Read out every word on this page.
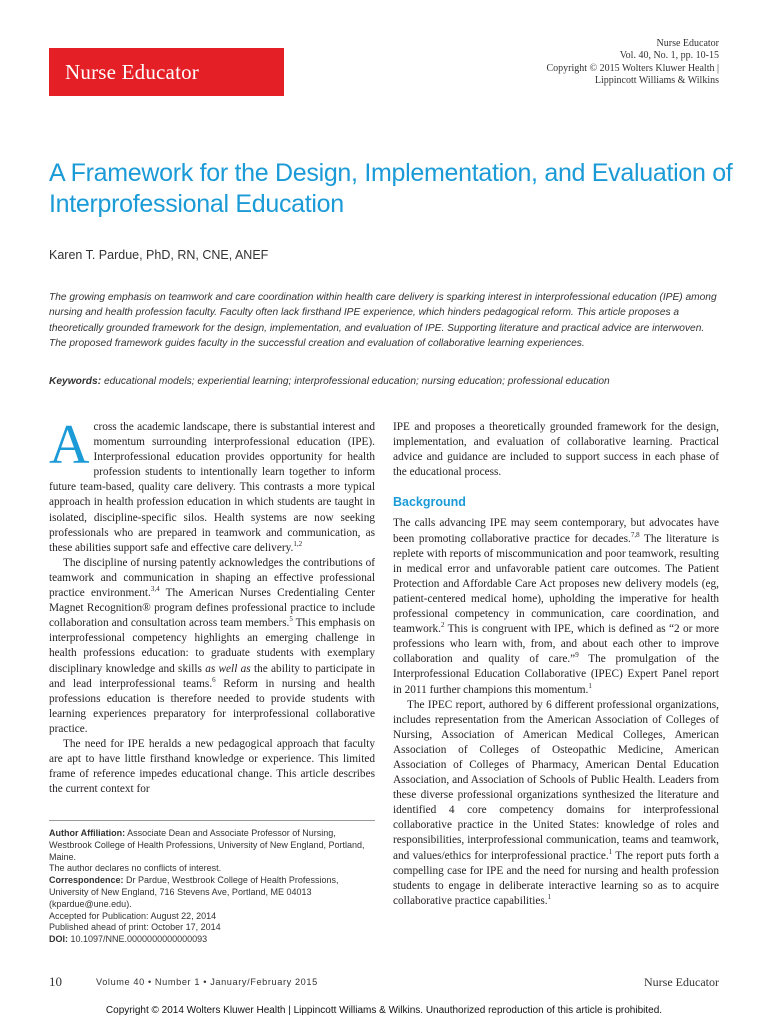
Nurse Educator
Nurse Educator
Vol. 40, No. 1, pp. 10-15
Copyright © 2015 Wolters Kluwer Health |
Lippincott Williams & Wilkins
A Framework for the Design, Implementation, and Evaluation of Interprofessional Education
Karen T. Pardue, PhD, RN, CNE, ANEF

The growing emphasis on teamwork and care coordination within health care delivery is sparking interest in interprofessional education (IPE) among nursing and health profession faculty. Faculty often lack firsthand IPE experience, which hinders pedagogical reform. This article proposes a theoretically grounded framework for the design, implementation, and evaluation of IPE. Supporting literature and practical advice are interwoven. The proposed framework guides faculty in the successful creation and evaluation of collaborative learning experiences.

Keywords: educational models; experiential learning; interprofessional education; nursing education; professional education

Across the academic landscape, there is substantial interest and momentum surrounding interprofessional education (IPE). Interprofessional education provides opportunity for health profession students to intentionally learn together to inform future team-based, quality care delivery. This contrasts a more typical approach in health profession education in which students are taught in isolated, discipline-specific silos. Health systems are now seeking professionals who are prepared in teamwork and communication, as these abilities support safe and effective care delivery.$^{1,2}$

The discipline of nursing patently acknowledges the contributions of teamwork and communication in shaping an effective professional practice environment.$^{3,4}$ The American Nurses Credentialing Center Magnet Recognition® program defines professional practice to include collaboration and consultation across team members.$^5$ This emphasis on interprofessional competency highlights an emerging challenge in health professions education: to graduate students with exemplary disciplinary knowledge and skills as well as the ability to participate in and lead interprofessional teams.$^6$ Reform in nursing and health professions education is therefore needed to provide students with learning experiences preparatory for interprofessional collaborative practice.

The need for IPE heralds a new pedagogical approach that faculty are apt to have little firsthand knowledge or experience. This limited frame of reference impedes educational change. This article describes the current context for

Author Affiliation: Associate Dean and Associate Professor of Nursing, Westbrook College of Health Professions, University of New England, Portland, Maine.

The author declares no conflicts of interest.

Correspondence: Dr Pardue, Westbrook College of Health Professions, University of New England, 716 Stevens Ave, Portland, ME 04013 (kpardue@une.edu).

Accepted for Publication: August 22, 2014

Published ahead of print: October 17, 2014

DOI: 10.1097/NNE.0000000000000093

IPE and proposes a theoretically grounded framework for the design, implementation, and evaluation of collaborative learning. Practical advice and guidance are included to support success in each phase of the educational process.

Background

The calls advancing IPE may seem contemporary, but advocates have been promoting collaborative practice for decades.$^{7,8}$ The literature is replete with reports of miscommunication and poor teamwork, resulting in medical error and unfavorable patient care outcomes. The Patient Protection and Affordable Care Act proposes new delivery models (eg, patient-centered medical home), upholding the imperative for health professional competency in communication, care coordination, and teamwork.$^2$ This is congruent with IPE, which is defined as “2 or more professions who learn with, from, and about each other to improve collaboration and quality of care.”$^9$ The promulgation of the Interprofessional Education Collaborative (IPEC) Expert Panel report in 2011 further champions this momentum.$^1$

The IPEC report, authored by 6 different professional organizations, includes representation from the American Association of Colleges of Nursing, Association of American Medical Colleges, American Association of Colleges of Osteopathic Medicine, American Association of Colleges of Pharmacy, American Dental Education Association, and Association of Schools of Public Health. Leaders from these diverse professional organizations synthesized the literature and identified 4 core competency domains for interprofessional collaborative practice in the United States: knowledge of roles and responsibilities, interprofessional communication, teams and teamwork, and values/ethics for interprofessional practice.$^1$ The report puts forth a compelling case for IPE and the need for nursing and health profession students to engage in deliberate interactive learning so as to acquire collaborative practice capabilities.$^1$

10	Volume 40 • Number 1 • January/February 2015	Nurse Educator
Copyright © 2014 Wolters Kluwer Health | Lippincott Williams & Wilkins. Unauthorized reproduction of this article is prohibited.
